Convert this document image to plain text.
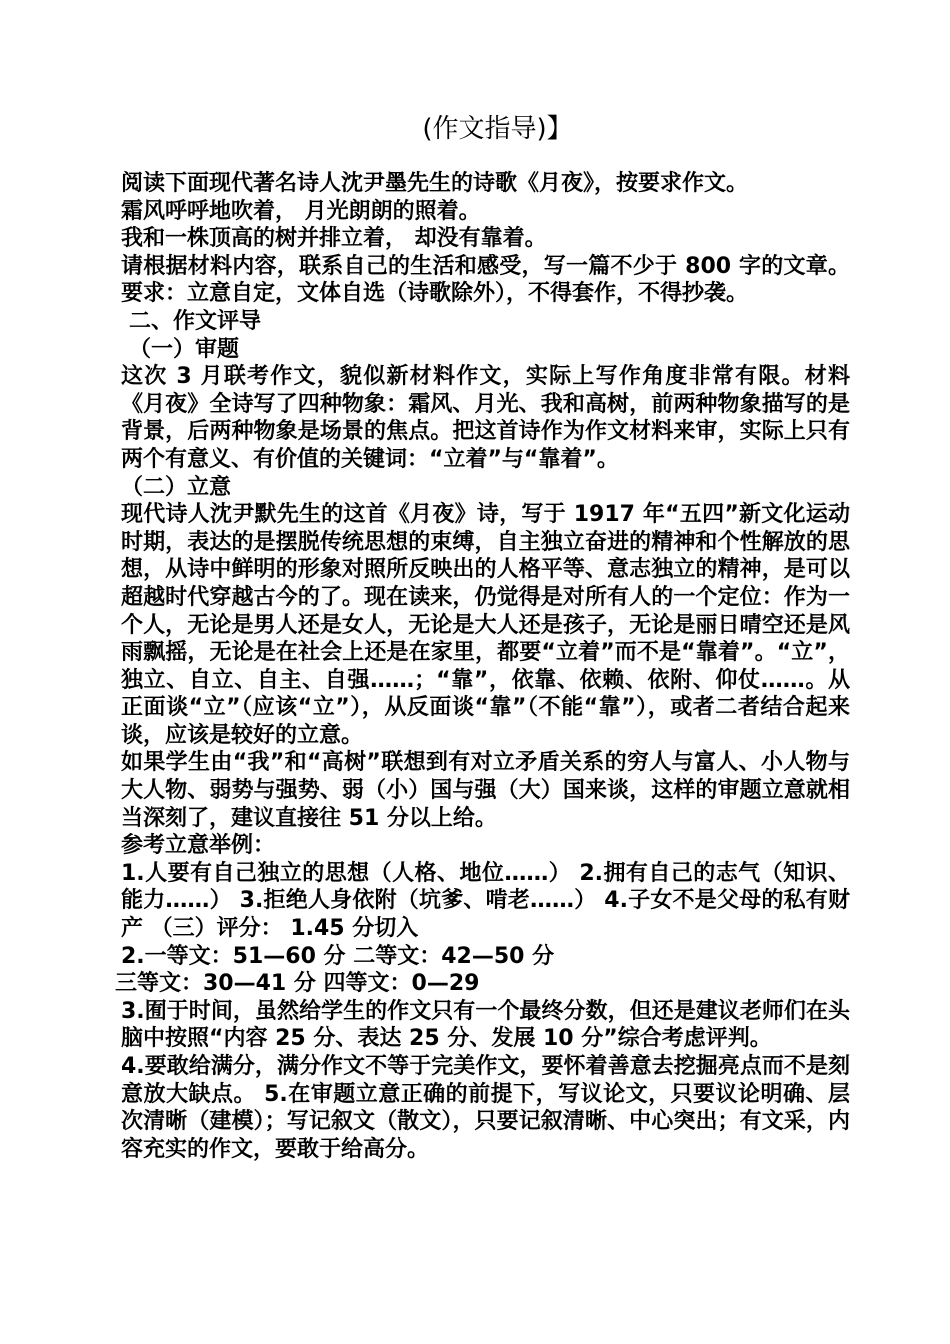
(作文指导)】

阅读下面现代著名诗人沈尹墨先生的诗歌《月夜》，按要求作文。

霜风呼呼地吹着， 月光朗朗的照着。

我和一株顶高的树并排立着， 却没有靠着。

请根据材料内容，联系自己的生活和感受，写一篇不少于 800 字的文章。要求：立意自定，文体自选（诗歌除外），不得套作，不得抄袭。

二、作文评导

（一）审题

这次 3 月联考作文，貌似新材料作文，实际上写作角度非常有限。材料《月夜》全诗写了四种物象：霜风、月光、我和高树，前两种物象描写的是背景，后两种物象是场景的焦点。把这首诗作为作文材料来审，实际上只有两个有意义、有价值的关键词：“立着”与“靠着”。

（二）立意

现代诗人沈尹默先生的这首《月夜》诗，写于 1917 年“五四”新文化运动时期，表达的是摆脱传统思想的束缚，自主独立奋进的精神和个性解放的思想，从诗中鲜明的形象对照所反映出的人格平等、意志独立的精神，是可以超越时代穿越古今的了。现在读来，仍觉得是对所有人的一个定位：作为一个人，无论是男人还是女人，无论是大人还是孩子，无论是丽日晴空还是风雨飘摇，无论是在社会上还是在家里，都要“立着”而不是“靠着”。“立”，独立、自立、自主、自强……；“靠”，依靠、依赖、依附、仰仗……。从正面谈“立”（应该“立”），从反面谈“靠”（不能“靠”），或者二者结合起来谈，应该是较好的立意。

如果学生由“我”和“高树”联想到有对立矛盾关系的穷人与富人、小人物与大人物、弱势与强势、弱（小）国与强（大）国来谈，这样的审题立意就相当深刻了，建议直接往 51 分以上给。

参考立意举例：

1.人要有自己独立的思想（人格、地位……） 2.拥有自己的志气（知识、能力……） 3.拒绝人身依附（坑爹、啃老……） 4.子女不是父母的私有财产 （三）评分： 1.45 分切入

2.一等文：51—60 分 二等文：42—50 分

三等文：30—41 分 四等文：0—29

3.囿于时间，虽然给学生的作文只有一个最终分数，但还是建议老师们在头脑中按照“内容 25 分、表达 25 分、发展 10 分”综合考虑评判。

4.要敢给满分，满分作文不等于完美作文，要怀着善意去挖掘亮点而不是刻意放大缺点。 5.在审题立意正确的前提下，写议论文，只要议论明确、层次清晰（建模）；写记叙文（散文），只要记叙清晰、中心突出；有文采，内容充实的作文，要敢于给高分。
